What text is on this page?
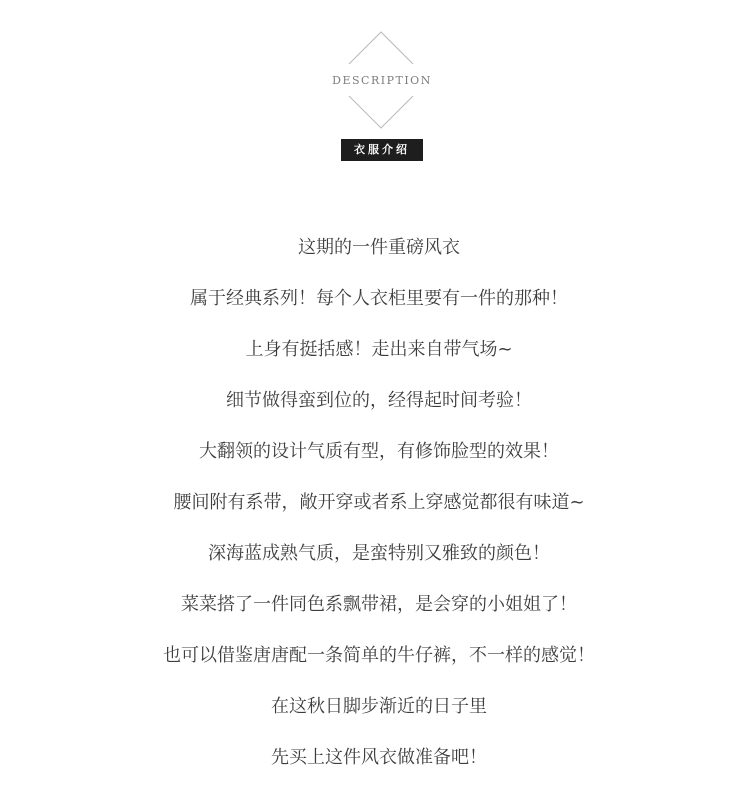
DESCRIPTION
衣服介绍
这期的一件重磅风衣
属于经典系列！每个人衣柜里要有一件的那种！
上身有挺括感！走出来自带气场~
细节做得蛮到位的，经得起时间考验！
大翻领的设计气质有型，有修饰脸型的效果！
腰间附有系带，敞开穿或者系上穿感觉都很有味道~
深海蓝成熟气质，是蛮特别又雅致的颜色！
菜菜搭了一件同色系飘带裙，是会穿的小姐姐了！
也可以借鉴唐唐配一条简单的牛仔裤，不一样的感觉！
在这秋日脚步渐近的日子里
先买上这件风衣做准备吧！
